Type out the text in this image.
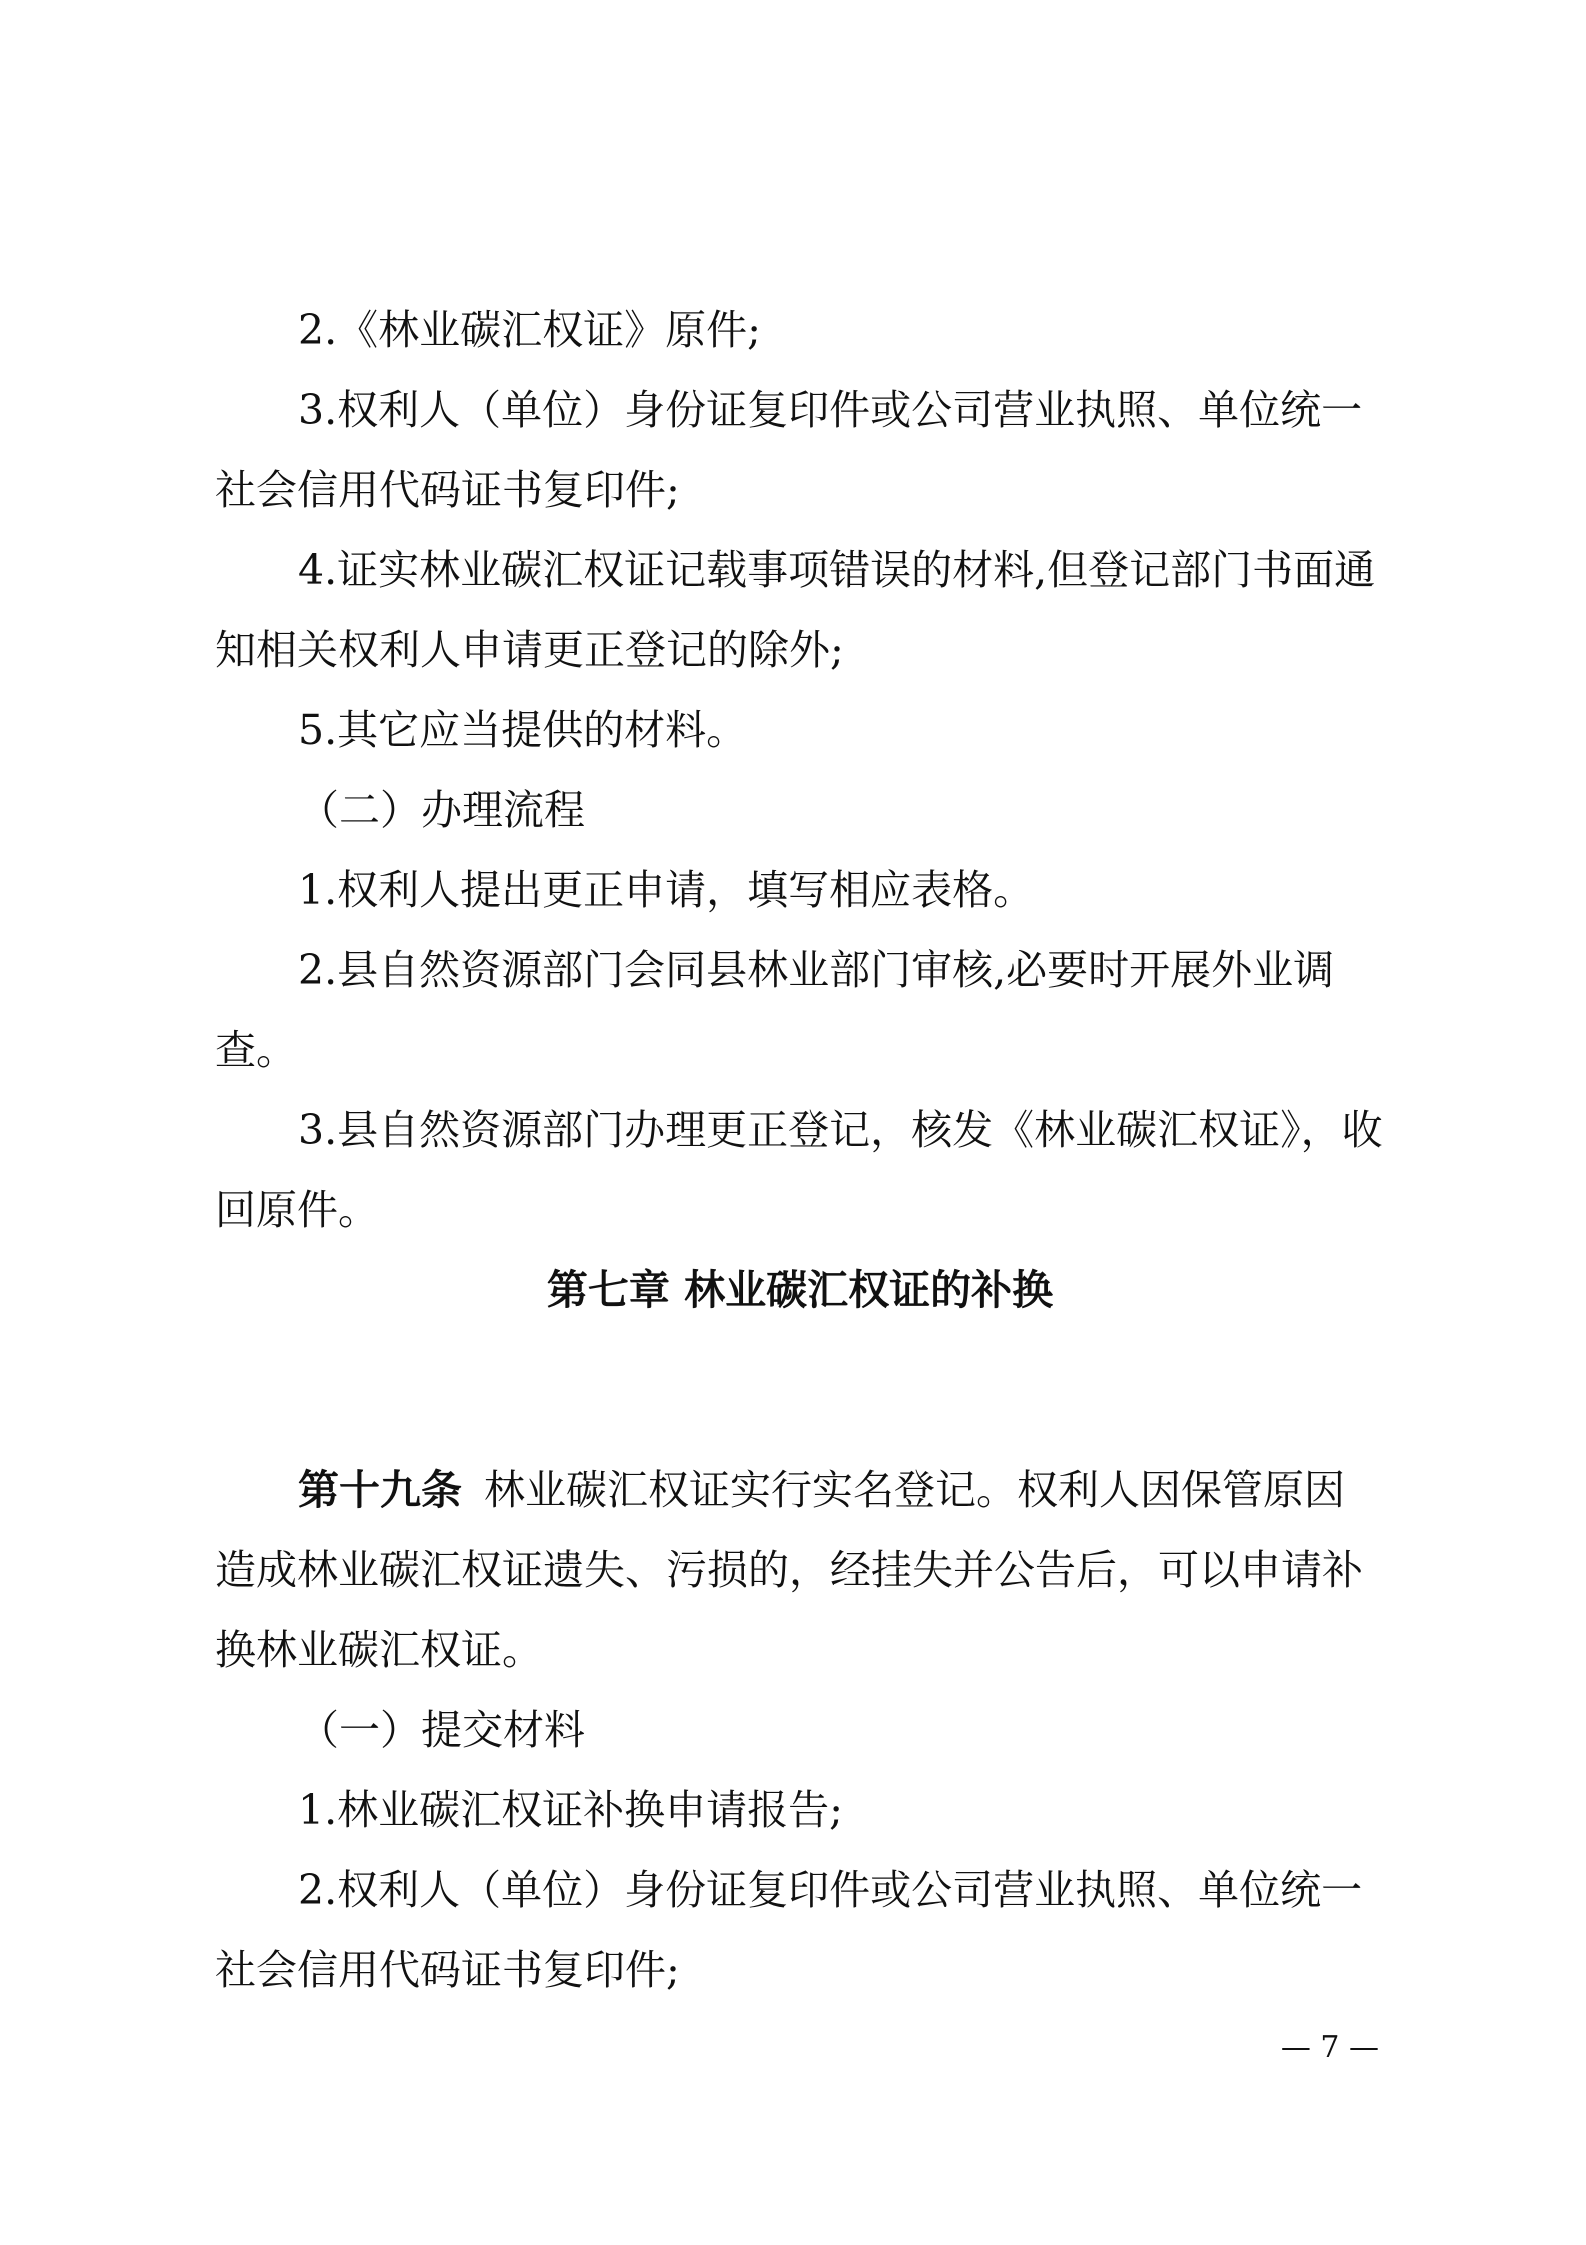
2.《林业碳汇权证》原件;

3.权利人（单位）身份证复印件或公司营业执照、单位统一社会信用代码证书复印件;

4.证实林业碳汇权证记载事项错误的材料,但登记部门书面通知相关权利人申请更正登记的除外;

5.其它应当提供的材料。

（二）办理流程

1.权利人提出更正申请，填写相应表格。

2.县自然资源部门会同县林业部门审核,必要时开展外业调查。

3.县自然资源部门办理更正登记，核发《林业碳汇权证》，收回原件。

第七章 林业碳汇权证的补换

第十九条 林业碳汇权证实行实名登记。权利人因保管原因造成林业碳汇权证遗失、污损的，经挂失并公告后，可以申请补换林业碳汇权证。

（一）提交材料

1.林业碳汇权证补换申请报告;

2.权利人（单位）身份证复印件或公司营业执照、单位统一社会信用代码证书复印件;

— 7 —
